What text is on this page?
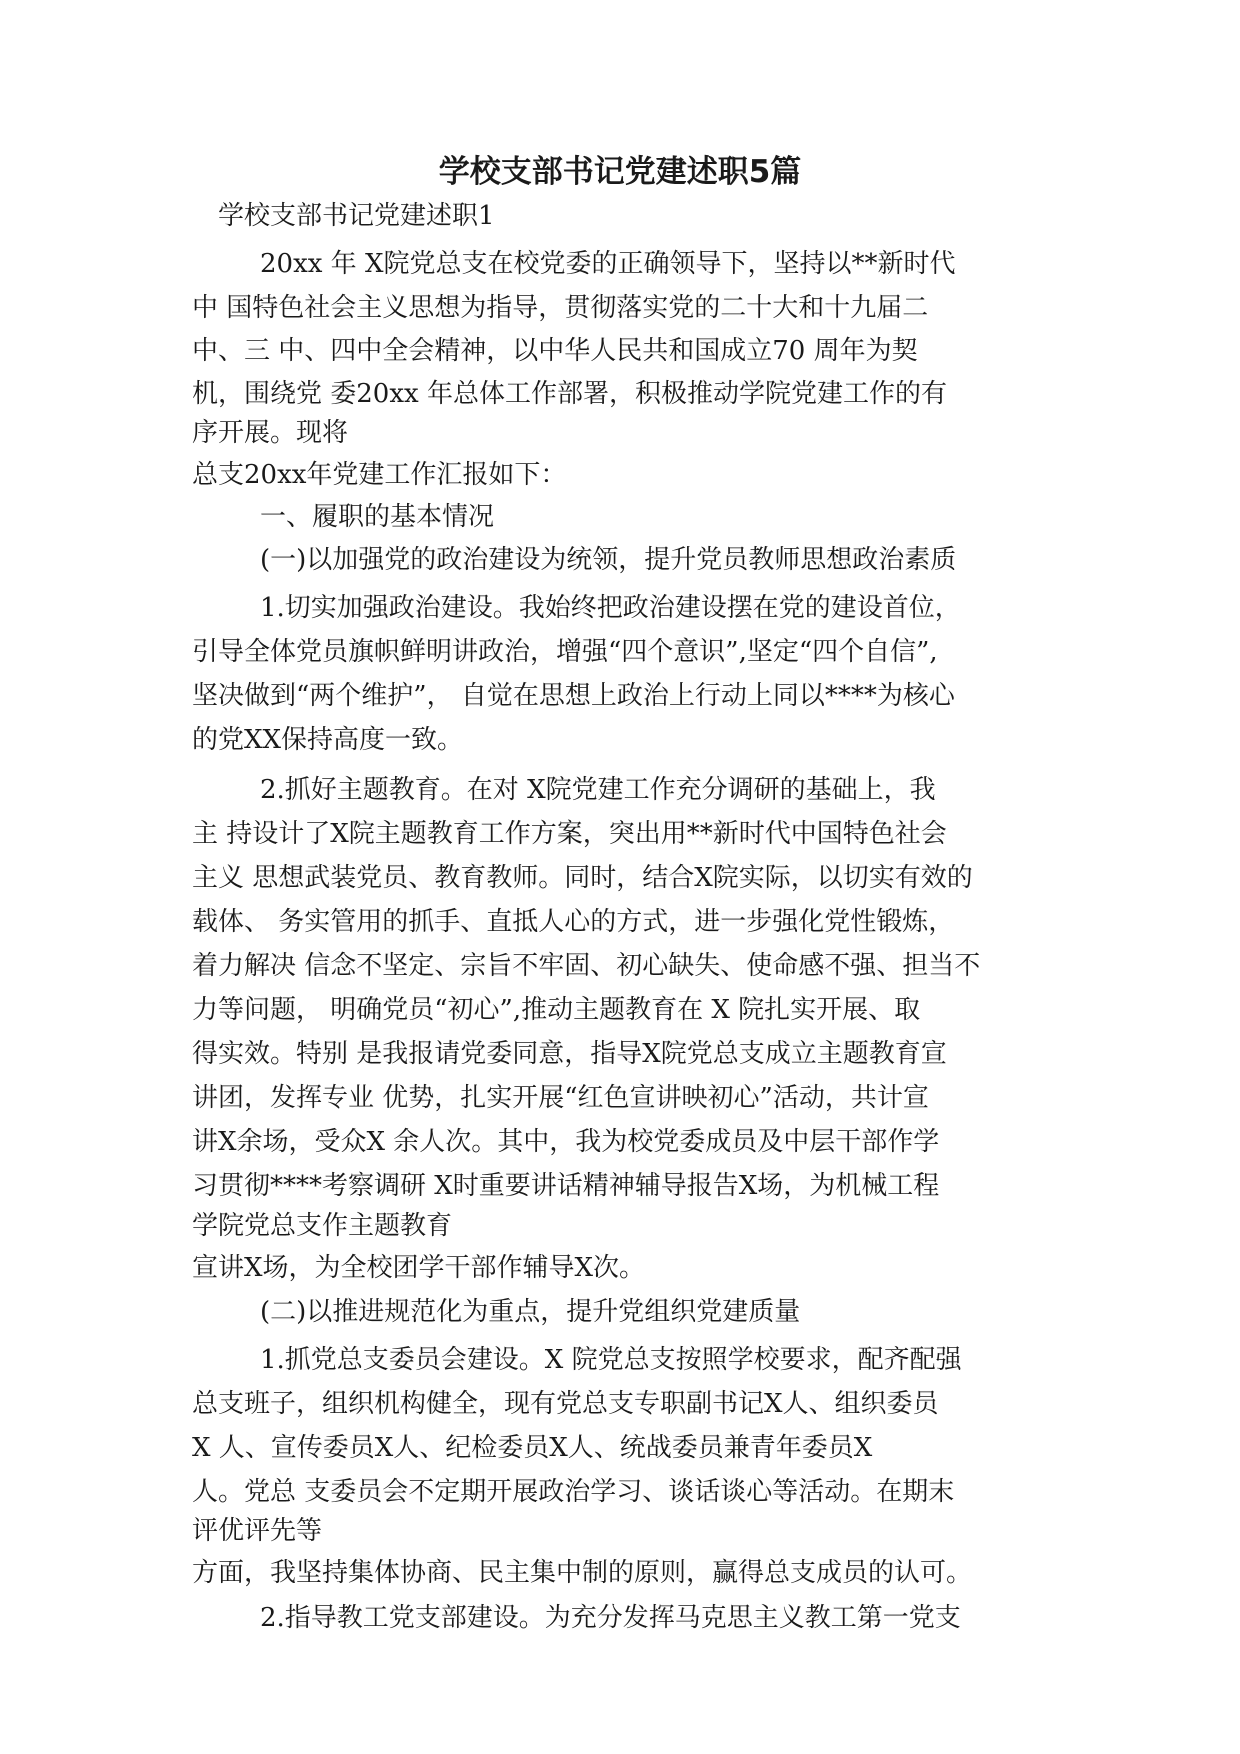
学校支部书记党建述职5篇

学校支部书记党建述职1

20xx 年 X院党总支在校党委的正确领导下，坚持以**新时代

中 国特色社会主义思想为指导，贯彻落实党的二十大和十九届二

中、三 中、四中全会精神，以中华人民共和国成立70 周年为契

机，围绕党 委20xx 年总体工作部署，积极推动学院党建工作的有

序开展。现将

总支20xx年党建工作汇报如下：

一、履职的基本情况

(一)以加强党的政治建设为统领，提升党员教师思想政治素质

1.切实加强政治建设。我始终把政治建设摆在党的建设首位，

引导全体党员旗帜鲜明讲政治，增强“四个意识”,坚定“四个自信”,

坚决做到“两个维护”， 自觉在思想上政治上行动上同以****为核心

的党XX保持高度一致。

2.抓好主题教育。在对 X院党建工作充分调研的基础上，我

主 持设计了X院主题教育工作方案，突出用**新时代中国特色社会

主义 思想武装党员、教育教师。同时，结合X院实际，以切实有效的

载体、 务实管用的抓手、直抵人心的方式，进一步强化党性锻炼，

着力解决 信念不坚定、宗旨不牢固、初心缺失、使命感不强、担当不

力等问题， 明确党员“初心”,推动主题教育在 X 院扎实开展、取

得实效。特别 是我报请党委同意，指导X院党总支成立主题教育宣

讲团，发挥专业 优势，扎实开展“红色宣讲映初心”活动，共计宣

讲X余场，受众X 余人次。其中，我为校党委成员及中层干部作学

习贯彻****考察调研 X时重要讲话精神辅导报告X场，为机械工程

学院党总支作主题教育

宣讲X场，为全校团学干部作辅导X次。

(二)以推进规范化为重点，提升党组织党建质量

1.抓党总支委员会建设。X 院党总支按照学校要求，配齐配强

总支班子，组织机构健全，现有党总支专职副书记X人、组织委员

X 人、宣传委员X人、纪检委员X人、统战委员兼青年委员X

人。党总 支委员会不定期开展政治学习、谈话谈心等活动。在期末

评优评先等

方面，我坚持集体协商、民主集中制的原则，赢得总支成员的认可。

2.指导教工党支部建设。为充分发挥马克思主义教工第一党支
